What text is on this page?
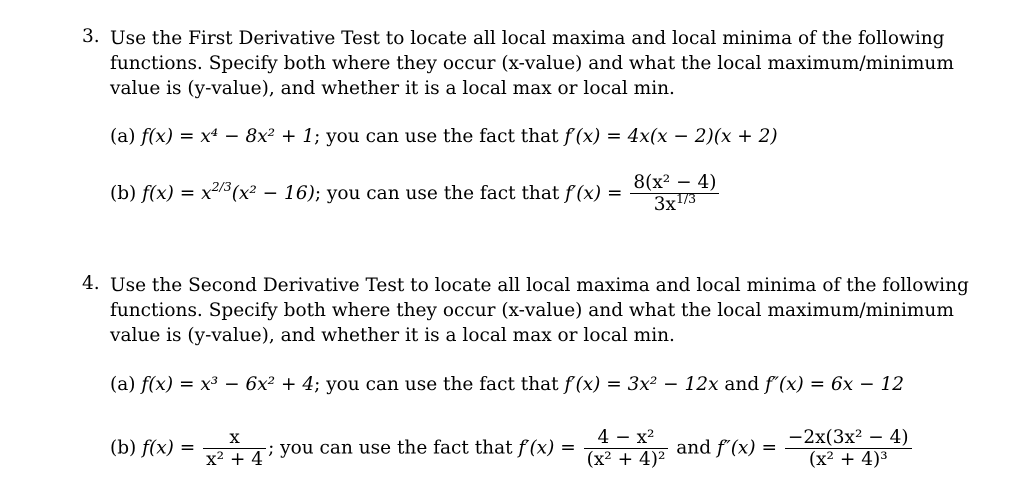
3. Use the First Derivative Test to locate all local maxima and local minima of the following
functions. Specify both where they occur (x-value) and what the local maximum/minimum
value is (y-value), and whether it is a local max or local min.
(a) f(x) = x⁴ − 8x² + 1; you can use the fact that f′(x) = 4x(x − 2)(x + 2)
(b) $f(x) = x^{2/3}(x^2 - 16)$; you can use the fact that $f'(x) = \frac{\text{8(x² − 4)}}{3x^{1/3}}$
4. Use the Second Derivative Test to locate all local maxima and local minima of the following
functions. Specify both where they occur (x-value) and what the local maximum/minimum
value is (y-value), and whether it is a local max or local min.
(a) f(x) = x³ − 6x² + 4; you can use the fact that f′(x) = 3x² − 12x and f″(x) = 6x − 12
(b) $f(x) = \frac{x}{\text{x² + 4}}$ ; you can use the fact that $f'(x) = \frac{\text{4 − x²}}{\text{(x² + 4)²}}$ and $f''(x) = \frac{\text{−2x(3x² − 4)}}{\text{(x² + 4)³}}$
